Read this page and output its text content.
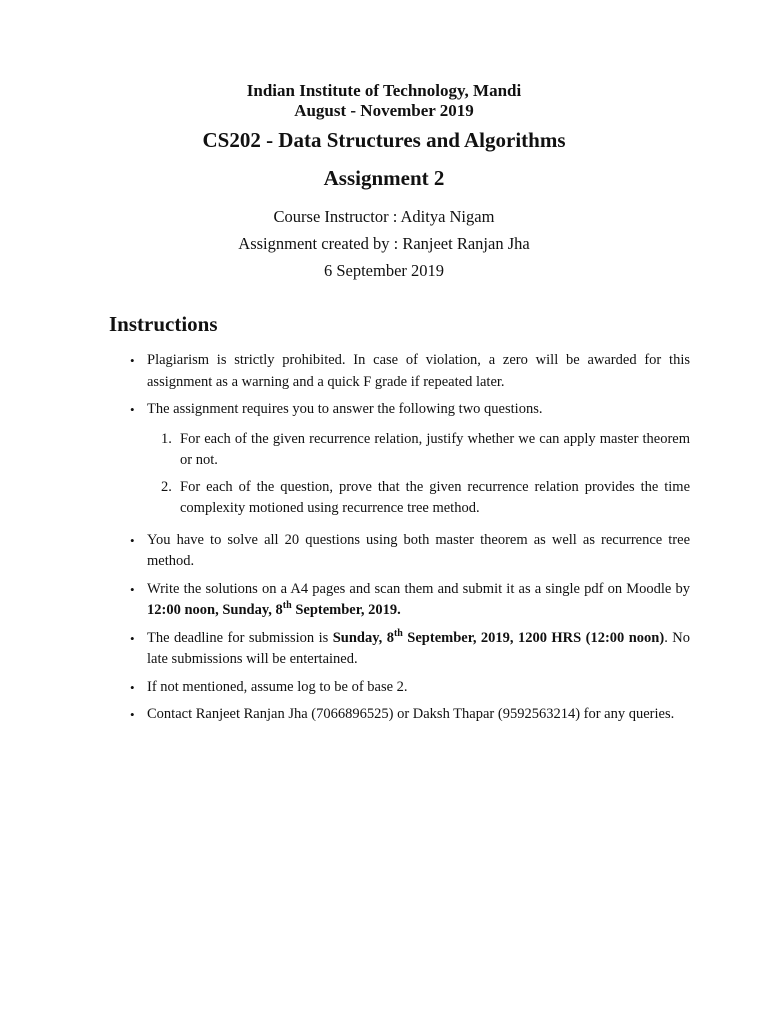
Indian Institute of Technology, Mandi
August - November 2019
CS202 - Data Structures and Algorithms
Assignment 2
Course Instructor : Aditya Nigam
Assignment created by : Ranjeet Ranjan Jha
6 September 2019
Instructions
• Plagiarism is strictly prohibited. In case of violation, a zero will be awarded for this assignment as a warning and a quick F grade if repeated later.
• The assignment requires you to answer the following two questions.
1. For each of the given recurrence relation, justify whether we can apply master theorem or not.
2. For each of the question, prove that the given recurrence relation provides the time complexity motioned using recurrence tree method.
• You have to solve all 20 questions using both master theorem as well as recurrence tree method.
• Write the solutions on a A4 pages and scan them and submit it as a single pdf on Moodle by 12:00 noon, Sunday, 8th September, 2019.
• The deadline for submission is Sunday, 8th September, 2019, 1200 HRS (12:00 noon). No late submissions will be entertained.
• If not mentioned, assume log to be of base 2.
• Contact Ranjeet Ranjan Jha (7066896525) or Daksh Thapar (9592563214) for any queries.
